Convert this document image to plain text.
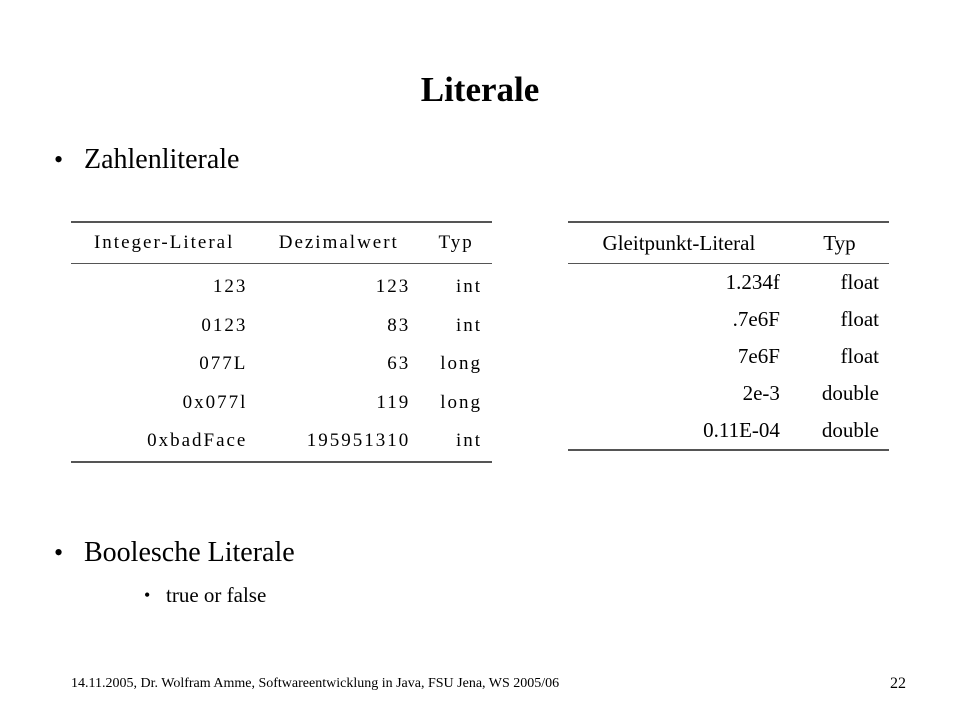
Literale
• Zahlenliterale
Integer-Literal	Dezimalwert	Typ
123	123	int
0123	83	int
077L	63	long
0x077l	119	long
0xbadFace	195951310	int
Gleitpunkt-Literal	Typ
1.234f	float
.7e6F	float
7e6F	float
2e-3	double
0.11E-04	double
• Boolesche Literale
• true or false
14.11.2005, Dr. Wolfram Amme, Softwareentwicklung in Java, FSU Jena, WS 2005/06	22
